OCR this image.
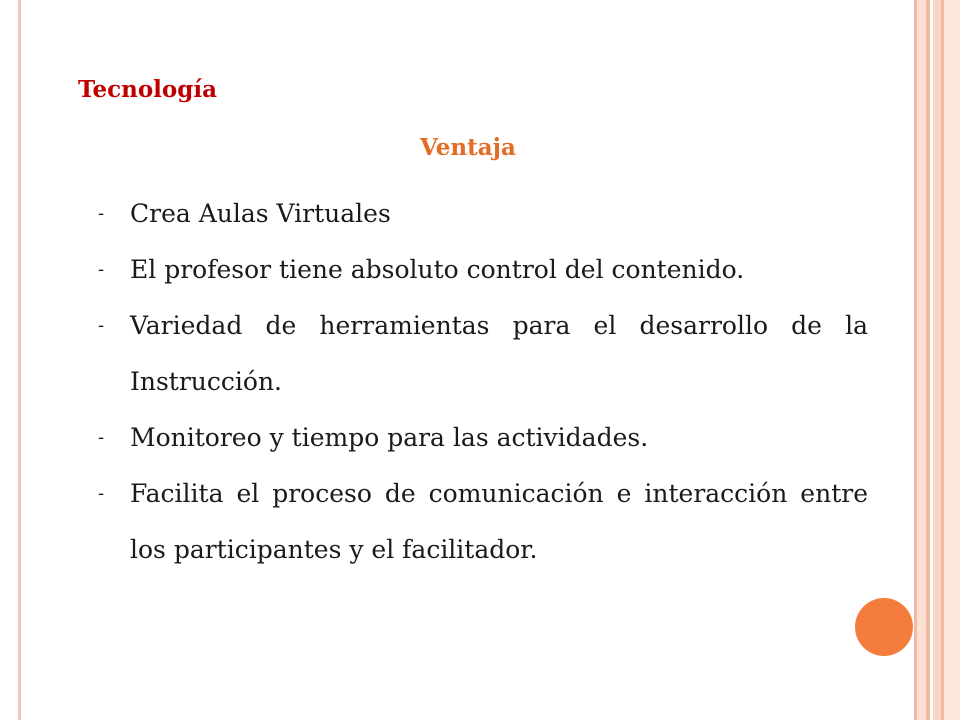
Tecnología
Ventaja
- Crea Aulas Virtuales
- El profesor tiene absoluto control del contenido.
- Variedad de herramientas para el desarrollo de la Instrucción.
- Monitoreo y tiempo para las actividades.
- Facilita el proceso de comunicación e interacción entre los participantes y el facilitador.
